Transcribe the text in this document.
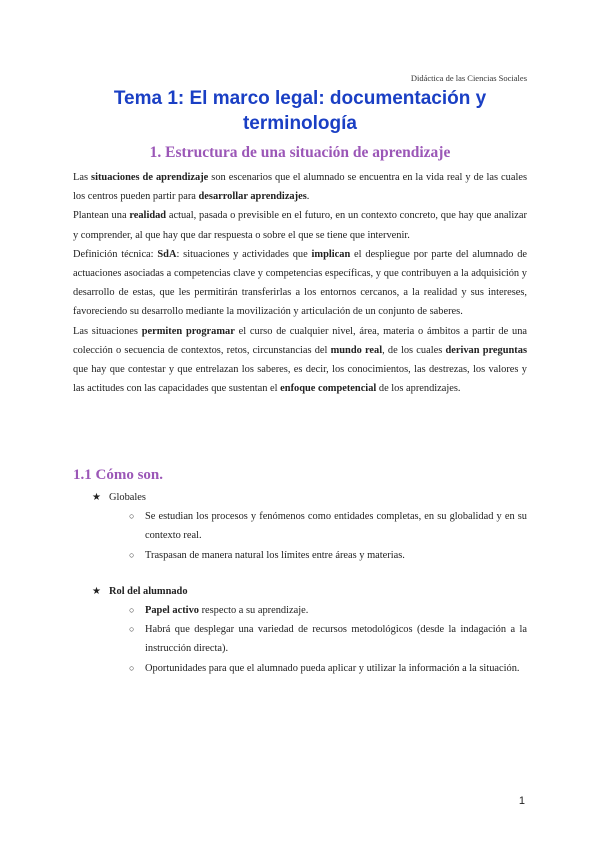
Didáctica de las Ciencias Sociales
Tema 1: El marco legal: documentación y terminología
1. Estructura de una situación de aprendizaje

Las situaciones de aprendizaje son escenarios que el alumnado se encuentra en la vida real y de las cuales los centros pueden partir para desarrollar aprendizajes.

Plantean una realidad actual, pasada o previsible en el futuro, en un contexto concreto, que hay que analizar y comprender, al que hay que dar respuesta o sobre el que se tiene que intervenir.

Definición técnica: SdA: situaciones y actividades que implican el despliegue por parte del alumnado de actuaciones asociadas a competencias clave y competencias específicas, y que contribuyen a la adquisición y desarrollo de estas, que les permitirán transferirlas a los entornos cercanos, a la realidad y sus intereses, favoreciendo su desarrollo mediante la movilización y articulación de un conjunto de saberes.

Las situaciones permiten programar el curso de cualquier nivel, área, materia o ámbitos a partir de una colección o secuencia de contextos, retos, circunstancias del mundo real, de los cuales derivan preguntas que hay que contestar y que entrelazan los saberes, es decir, los conocimientos, las destrezas, los valores y las actitudes con las capacidades que sustentan el enfoque competencial de los aprendizajes.

1.1 Cómo son.
★ Globales
○ Se estudian los procesos y fenómenos como entidades completas, en su globalidad y en su contexto real.
○ Traspasan de manera natural los límites entre áreas y materias.
★ Rol del alumnado
○ Papel activo respecto a su aprendizaje.
○ Habrá que desplegar una variedad de recursos metodológicos (desde la indagación a la instrucción directa).
○ Oportunidades para que el alumnado pueda aplicar y utilizar la información a la situación.
1
